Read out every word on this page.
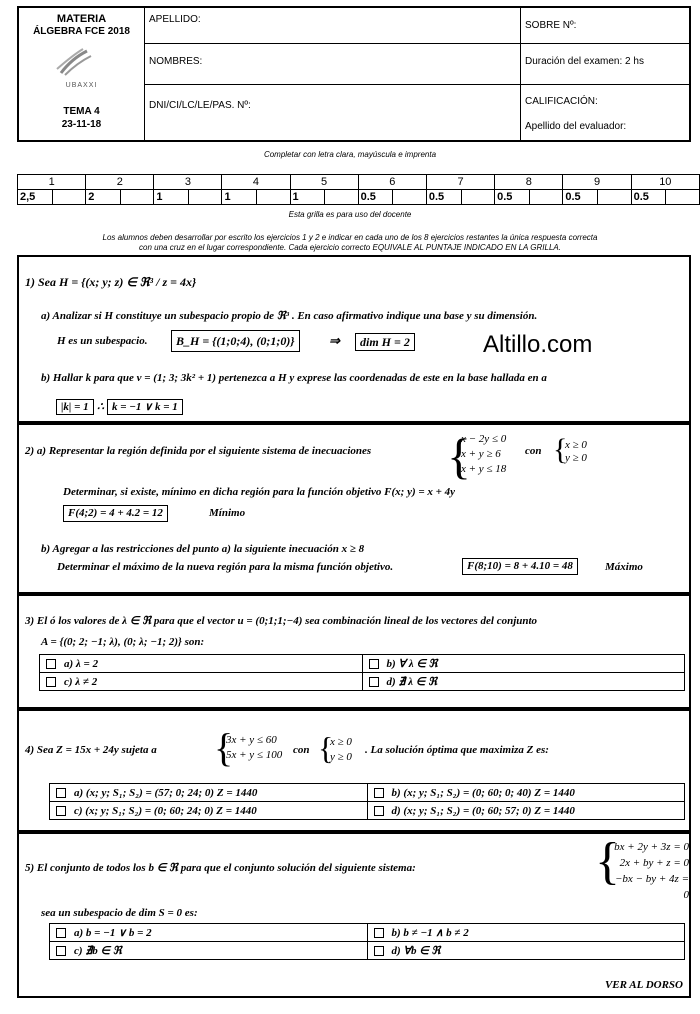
MATERIA
ÁLGEBRA FCE 2018
UBAXXI
TEMA 4
23-11-18
APELLIDO:
NOMBRES:
DNI/CI/LC/LE/PAS. Nº:
SOBRE Nº:
Duración del examen: 2 hs
CALIFICACIÓN:
Apellido del evaluador:
Completar con letra clara, mayúscula e imprenta
1		2		3		4		5		6		7		8		9		10	
2,5		2		1		1		1		0.5		0.5		0.5		0.5		0.5	
Esta grilla es para uso del docente
Los alumnos deben desarrollar por escrito los ejercicios 1 y 2 e indicar en cada uno de los 8 ejercicios restantes la única respuesta correcta
con una cruz en el lugar correspondiente. Cada ejercicio correcto EQUIVALE AL PUNTAJE INDICADO EN LA GRILLA.
1) Sea H = {(x; y; z) ∈ ℜ³ / z = 4x}
a) Analizar si H constituye un subespacio propio de ℜ³ . En caso afirmativo indique una base y su dimensión.
H es un subespacio.	B_H = {(1;0;4), (0;1;0)}	⇒	dim H = 2	Altillo.com
b) Hallar k para que v = (1; 3; 3k² + 1) pertenezca a H y exprese las coordenadas de este en la base hallada en a
|k| = 1 ∴ k = −1 ∨ k = 1
2) a) Representar la región definida por el siguiente sistema de inecuaciones {
x − 2y ≤ 0
x + y ≥ 6
x + y ≤ 18
con {
x ≥ 0
y ≥ 0
Determinar, si existe, mínimo en dicha región para la función objetivo F(x; y) = x + 4y
F(4;2) = 4 + 4.2 = 12	Mínimo
b) Agregar a las restricciones del punto a) la siguiente inecuación x ≥ 8
Determinar el máximo de la nueva región para la misma función objetivo.	F(8;10) = 8 + 4.10 = 48	Máximo
3) El ó los valores de λ ∈ ℜ para que el vector u = (0;1;1;−4) sea combinación lineal de los vectores del conjunto
A = {(0; 2; −1; λ), (0; λ; −1; 2)} son:
a) λ = 2	b) ∀ λ ∈ ℜ
c) λ ≠ 2	d) ∄ λ ∈ ℜ
4) Sea Z = 15x + 24y sujeta a {
3x + y ≤ 60
5x + y ≤ 100 con {
x ≥ 0
y ≥ 0
. La solución óptima que maximiza Z es:
a) (x; y; S₁; S₂) = (57; 0; 24; 0) Z = 1440	b) (x; y; S₁; S₂) = (0; 60; 0; 40) Z = 1440
c) (x; y; S₁; S₂) = (0; 60; 24; 0) Z = 1440	d) (x; y; S₁; S₂) = (0; 60; 57; 0) Z = 1440
5) El conjunto de todos los b ∈ ℜ para que el conjunto solución del siguiente sistema:	{
bx + 2y + 3z = 0
2x + by + z = 0
−bx − by + 4z = 0
sea un subespacio de dim S = 0 es:
a) b = −1 ∨ b = 2	b) b ≠ −1 ∧ b ≠ 2
c) ∄b ∈ ℜ	d) ∀b ∈ ℜ
VER AL DORSO
